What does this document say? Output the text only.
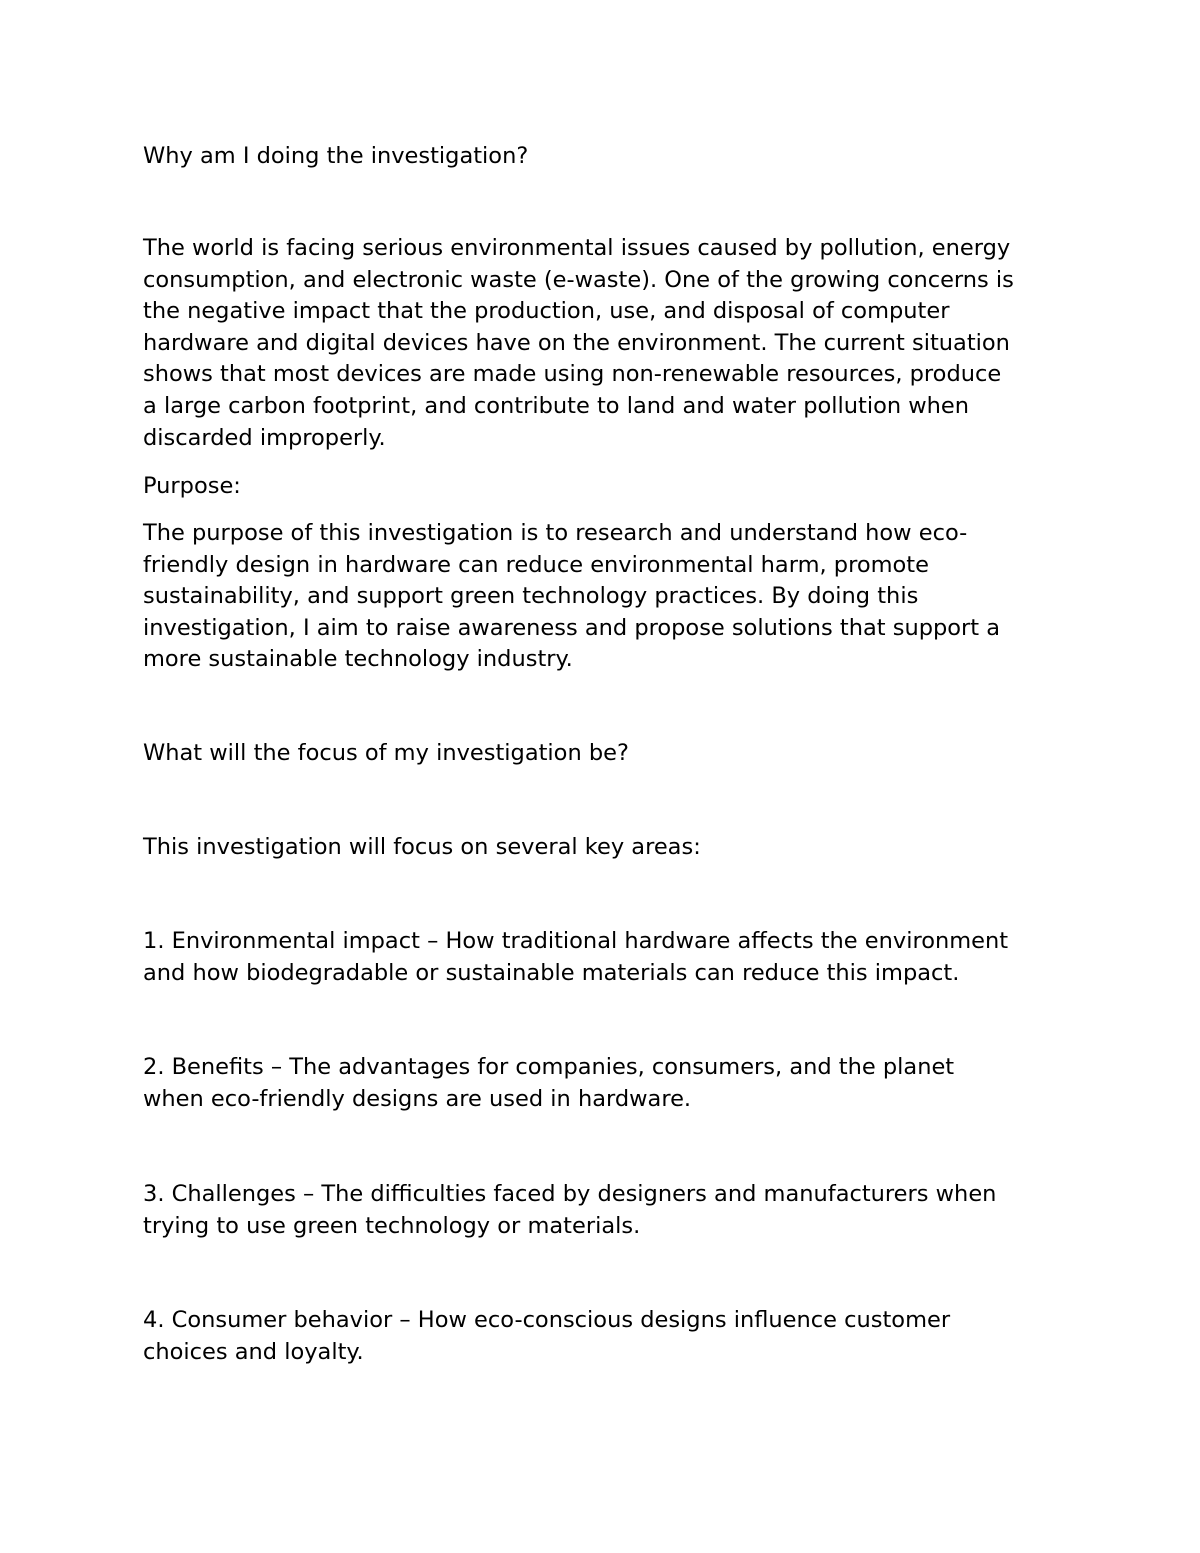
Why am I doing the investigation?

The world is facing serious environmental issues caused by pollution, energy
consumption, and electronic waste (e-waste). One of the growing concerns is
the negative impact that the production, use, and disposal of computer
hardware and digital devices have on the environment. The current situation
shows that most devices are made using non-renewable resources, produce
a large carbon footprint, and contribute to land and water pollution when
discarded improperly.

Purpose:

The purpose of this investigation is to research and understand how eco-
friendly design in hardware can reduce environmental harm, promote
sustainability, and support green technology practices. By doing this
investigation, I aim to raise awareness and propose solutions that support a
more sustainable technology industry.

What will the focus of my investigation be?

This investigation will focus on several key areas:

1. Environmental impact – How traditional hardware affects the environment
and how biodegradable or sustainable materials can reduce this impact.

2. Benefits – The advantages for companies, consumers, and the planet
when eco-friendly designs are used in hardware.

3. Challenges – The difficulties faced by designers and manufacturers when
trying to use green technology or materials.

4. Consumer behavior – How eco-conscious designs influence customer
choices and loyalty.
